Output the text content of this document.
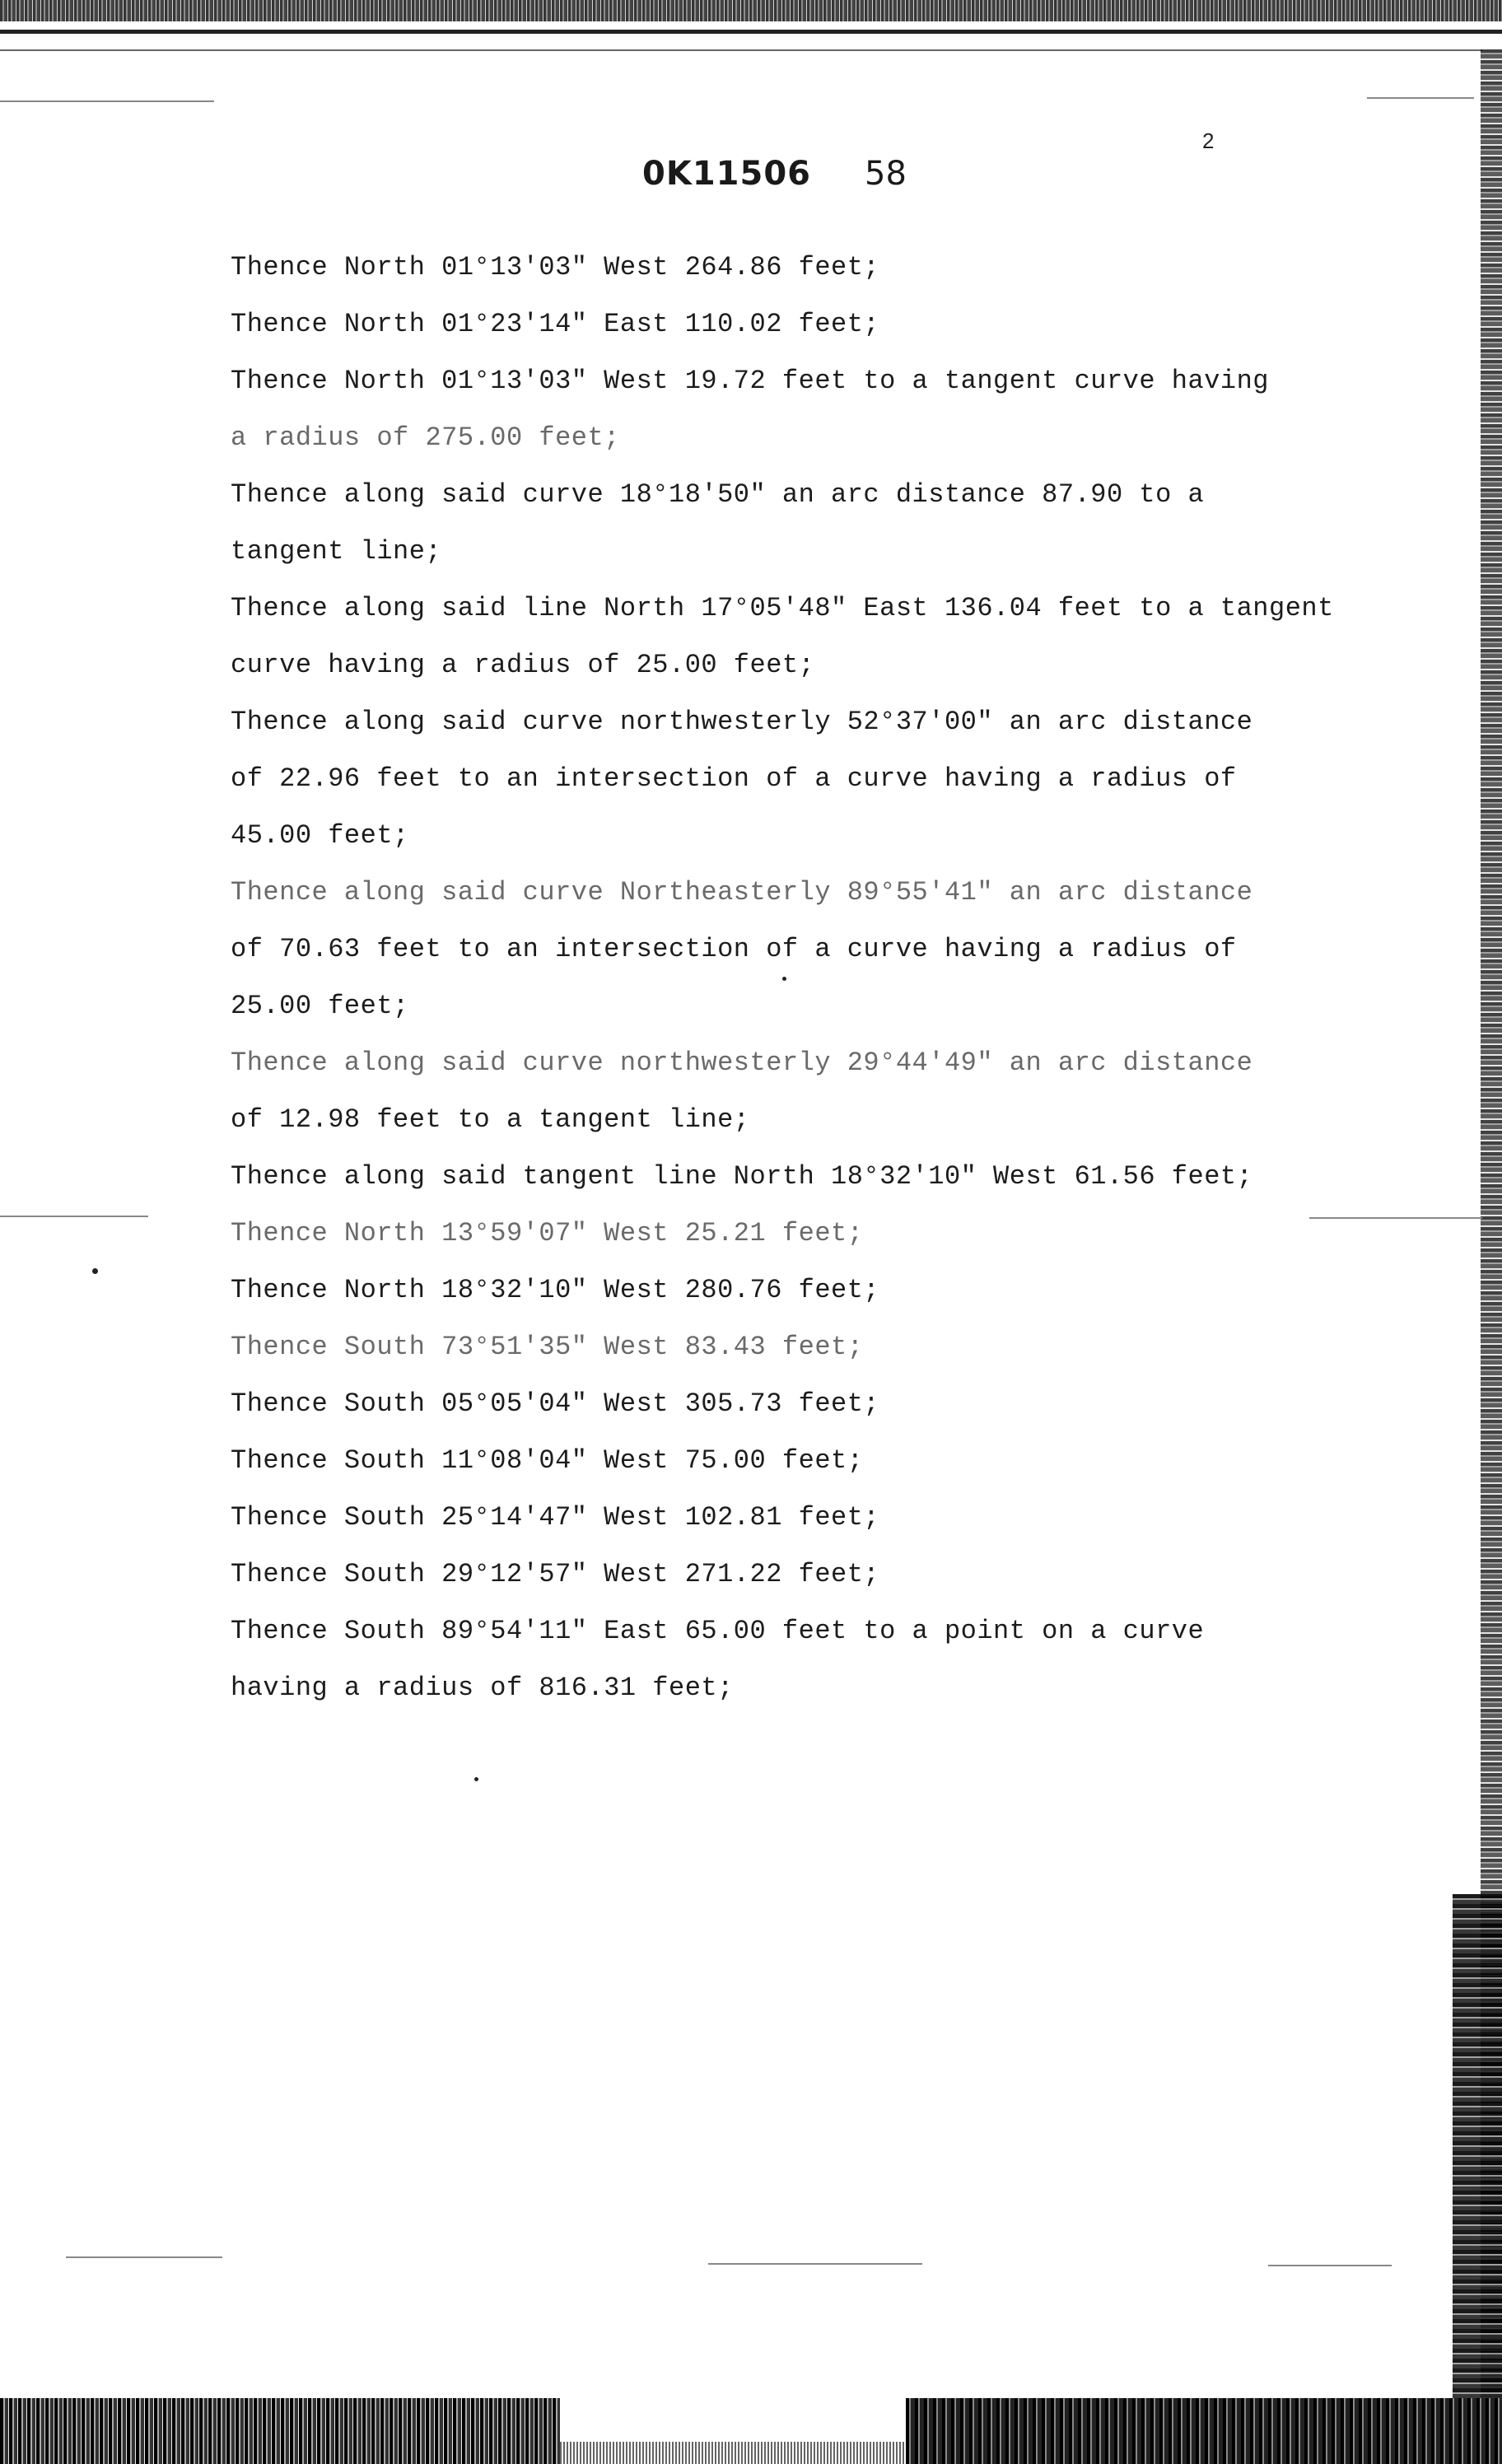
2
0K11506 58
Thence North 01°13'03" West 264.86 feet;
Thence North 01°23'14" East 110.02 feet;
Thence North 01°13'03" West 19.72 feet to a tangent curve having
a radius of 275.00 feet;
Thence along said curve 18°18'50" an arc distance 87.90 to a
tangent line;
Thence along said line North 17°05'48" East 136.04 feet to a tangent
curve having a radius of 25.00 feet;
Thence along said curve northwesterly 52°37'00" an arc distance
of 22.96 feet to an intersection of a curve having a radius of
45.00 feet;
Thence along said curve Northeasterly 89°55'41" an arc distance
of 70.63 feet to an intersection of a curve having a radius of
25.00 feet;
Thence along said curve northwesterly 29°44'49" an arc distance
of 12.98 feet to a tangent line;
Thence along said tangent line North 18°32'10" West 61.56 feet;
Thence North 13°59'07" West 25.21 feet;
Thence North 18°32'10" West 280.76 feet;
Thence South 73°51'35" West 83.43 feet;
Thence South 05°05'04" West 305.73 feet;
Thence South 11°08'04" West 75.00 feet;
Thence South 25°14'47" West 102.81 feet;
Thence South 29°12'57" West 271.22 feet;
Thence South 89°54'11" East 65.00 feet to a point on a curve
having a radius of 816.31 feet;
